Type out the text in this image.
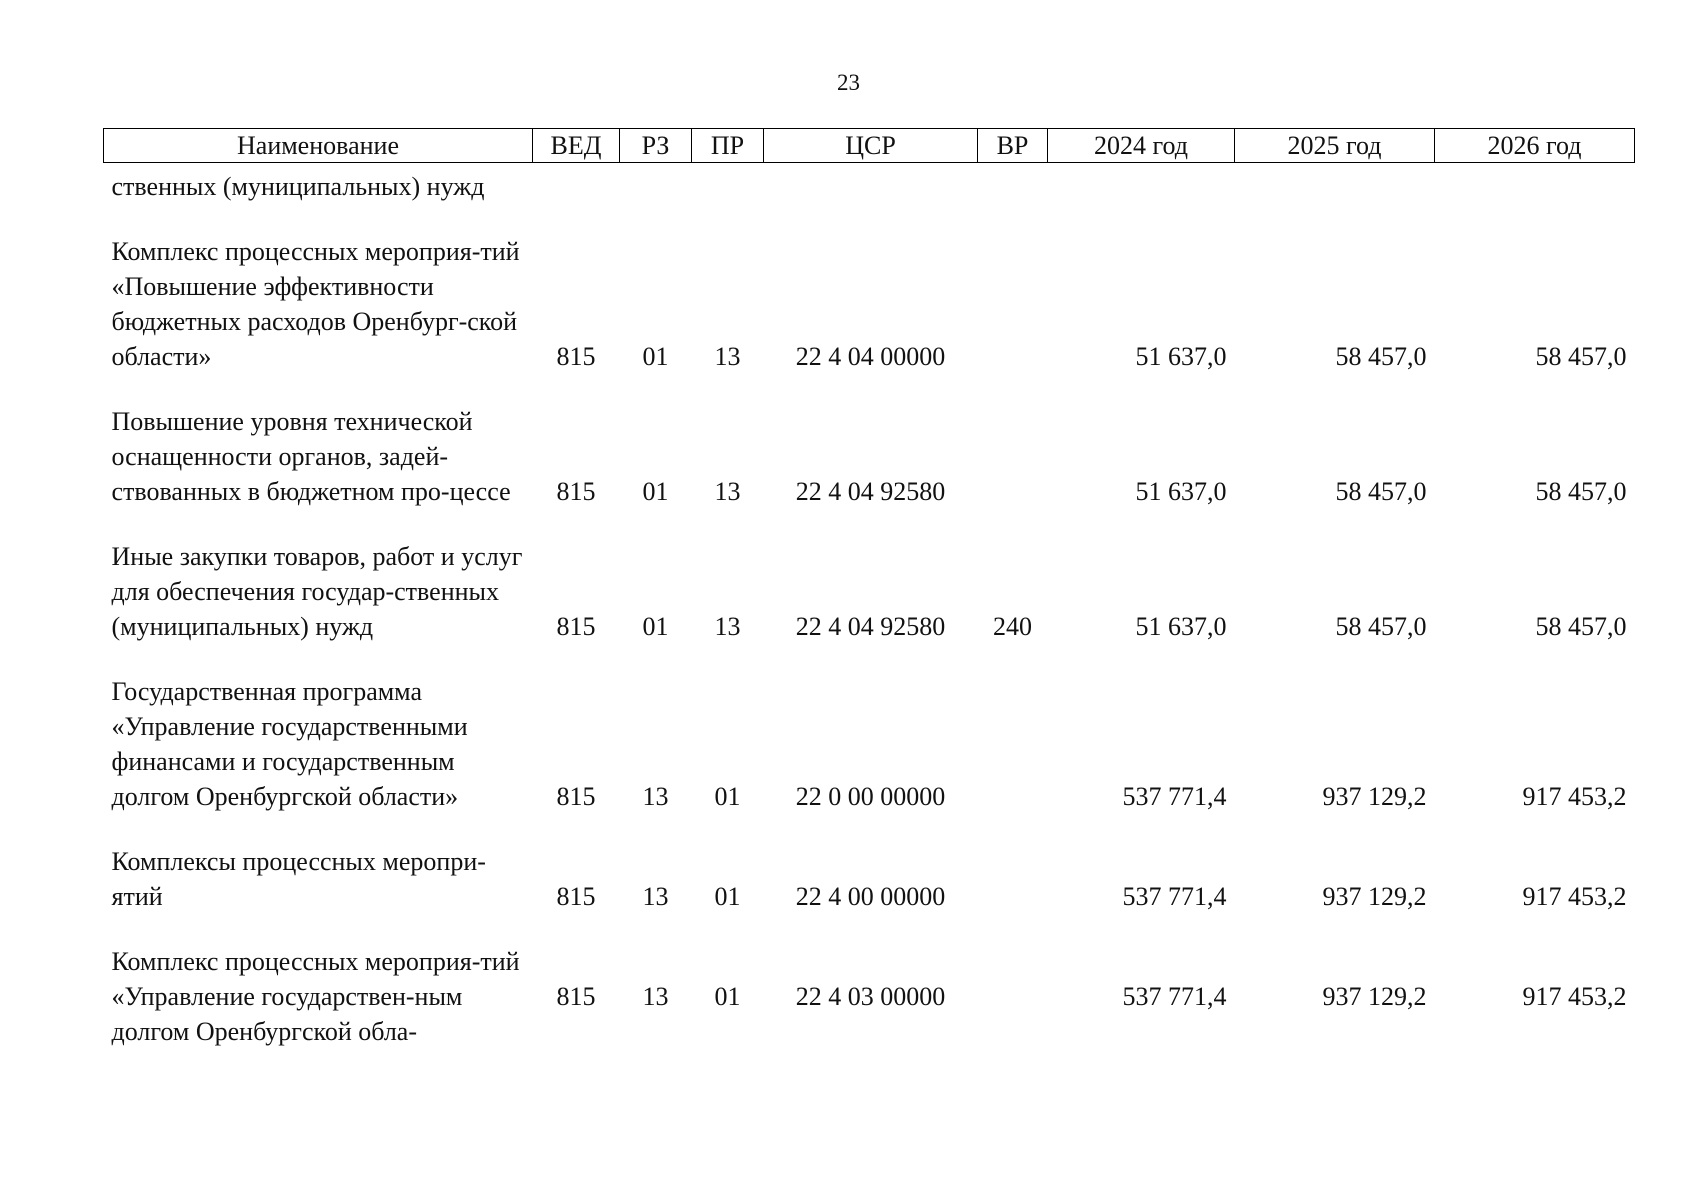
23
Наименование	ВЕД	РЗ	ПР	ЦСР	ВР	2024 год	2025 год	2026 год
ственных (муниципальных) нужд								

Комплекс процессных мероприя-тий «Повышение эффективности бюджетных расходов Оренбург-ской области»	815	01	13	22 4 04 00000		51 637,0	58 457,0	58 457,0

Повышение уровня технической оснащенности органов, задей-ствованных в бюджетном про-цессе	815	01	13	22 4 04 92580		51 637,0	58 457,0	58 457,0

Иные закупки товаров, работ и услуг для обеспечения государ-ственных (муниципальных) нужд	815	01	13	22 4 04 92580	240	51 637,0	58 457,0	58 457,0

Государственная программа «Управление государственными финансами и государственным долгом Оренбургской области»	815	13	01	22 0 00 00000		537 771,4	937 129,2	917 453,2

Комплексы процессных меропри-ятий	815	13	01	22 4 00 00000		537 771,4	937 129,2	917 453,2

Комплекс процессных мероприя-тий «Управление государствен-ным долгом Оренбургской обла-	815	13	01	22 4 03 00000		537 771,4	937 129,2	917 453,2
